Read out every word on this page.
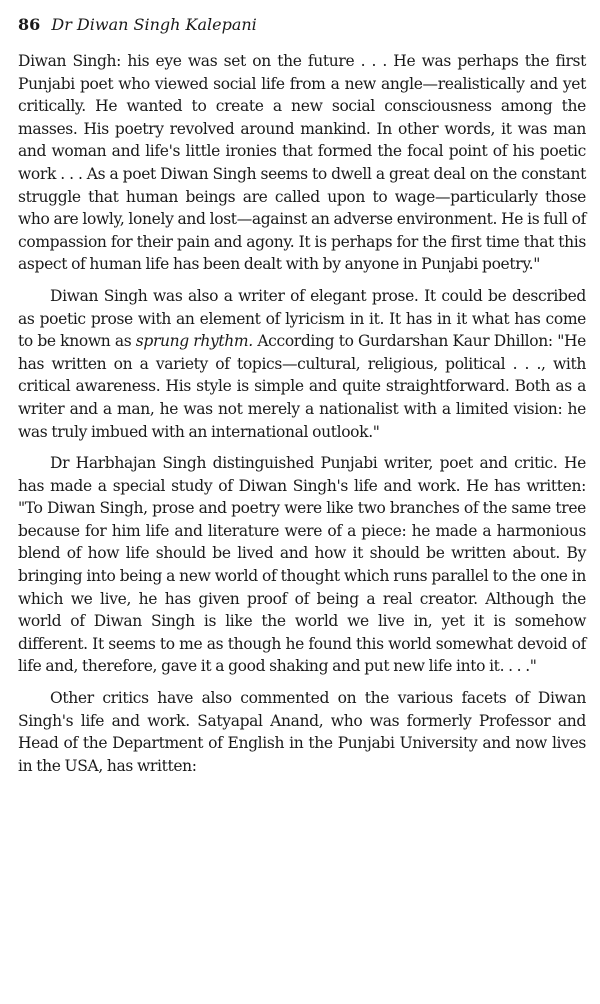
86 Dr Diwan Singh Kalepani

Diwan Singh: his eye was set on the future . . . He was perhaps the first Punjabi poet who viewed social life from a new angle—realistically and yet critically. He wanted to create a new social consciousness among the masses. His poetry revolved around mankind. In other words, it was man and woman and life's little ironies that formed the focal point of his poetic work . . . As a poet Diwan Singh seems to dwell a great deal on the constant struggle that human beings are called upon to wage—particularly those who are lowly, lonely and lost—against an adverse environment. He is full of compassion for their pain and agony. It is perhaps for the first time that this aspect of human life has been dealt with by anyone in Punjabi poetry."

Diwan Singh was also a writer of elegant prose. It could be described as poetic prose with an element of lyricism in it. It has in it what has come to be known as sprung rhythm. According to Gurdarshan Kaur Dhillon: "He has written on a variety of topics—cultural, religious, political . . ., with critical awareness. His style is simple and quite straightforward. Both as a writer and a man, he was not merely a nationalist with a limited vision: he was truly imbued with an international outlook."

Dr Harbhajan Singh distinguished Punjabi writer, poet and critic. He has made a special study of Diwan Singh's life and work. He has written: "To Diwan Singh, prose and poetry were like two branches of the same tree because for him life and literature were of a piece: he made a harmonious blend of how life should be lived and how it should be written about. By bringing into being a new world of thought which runs parallel to the one in which we live, he has given proof of being a real creator. Although the world of Diwan Singh is like the world we live in, yet it is somehow different. It seems to me as though he found this world somewhat devoid of life and, therefore, gave it a good shaking and put new life into it. . . ."

Other critics have also commented on the various facets of Diwan Singh's life and work. Satyapal Anand, who was formerly Professor and Head of the Department of English in the Punjabi University and now lives in the USA, has written:
